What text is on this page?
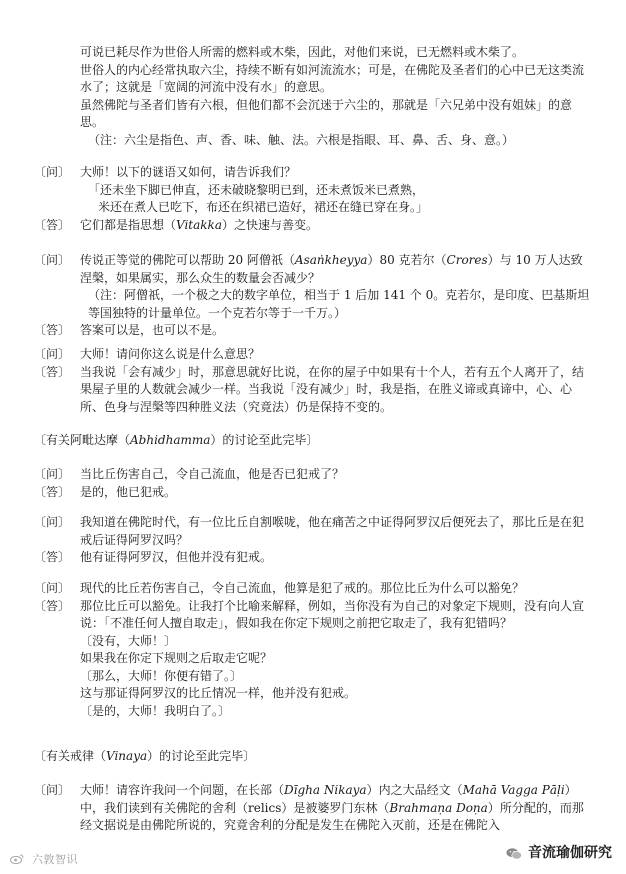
可说已耗尽作为世俗人所需的燃料或木柴，因此，对他们来说，已无燃料或木柴了。

世俗人的内心经常执取六尘，持续不断有如河流流水；可是，在佛陀及圣者们的心中已无这类流水了；这就是「宽阔的河流中没有水」的意思。

虽然佛陀与圣者们皆有六根，但他们都不会沉迷于六尘的，那就是「六兄弟中没有姐妹」的意思。

（注：六尘是指色、声、香、味、触、法。六根是指眼、耳、鼻、舌、身、意。）

〔问〕 大师！以下的谜语又如何，请告诉我们？
「还未坐下脚已伸直，还未破晓黎明已到，还未煮饭米已煮熟，
米还在煮人已吃下，布还在织裙已造好，裙还在缝已穿在身。」
〔答〕 它们都是指思想（Vitakka）之快速与善变。
〔问〕 传说正等觉的佛陀可以帮助 20 阿僧祇（Asaṅkheyya）80 克若尔（Crores）与 10 万人达致涅槃，如果属实，那么众生的数量会否减少？
（注：阿僧祇，一个极之大的数字单位，相当于 1 后加 141 个 0。克若尔，是印度、巴基斯坦等国独特的计量单位。一个克若尔等于一千万。）
〔答〕 答案可以是，也可以不是。
〔问〕 大师！请问你这么说是什么意思？
〔答〕 当我说「会有减少」时，那意思就好比说，在你的屋子中如果有十个人，若有五个人离开了，结果屋子里的人数就会减少一样。当我说「没有减少」时，我是指，在胜义谛或真谛中，心、心所、色身与涅槃等四种胜义法（究竟法）仍是保持不变的。

〔有关阿毗达摩（Abhidhamma）的讨论至此完毕〕

〔问〕 当比丘伤害自己，令自己流血，他是否已犯戒了？
〔答〕 是的，他已犯戒。
〔问〕 我知道在佛陀时代，有一位比丘自割喉咙，他在痛苦之中证得阿罗汉后便死去了，那比丘是在犯戒后证得阿罗汉吗？
〔答〕 他有证得阿罗汉，但他并没有犯戒。
〔问〕 现代的比丘若伤害自己，令自己流血，他算是犯了戒的。那位比丘为什么可以豁免？
〔答〕 那位比丘可以豁免。让我打个比喻来解释，例如，当你没有为自己的对象定下规则，没有向人宣说：「不准任何人擅自取走」，假如我在你定下规则之前把它取走了，我有犯错吗？
〔没有，大师！〕
如果我在你定下规则之后取走它呢？
〔那么，大师！你便有错了。〕
这与那证得阿罗汉的比丘情况一样，他并没有犯戒。
〔是的，大师！我明白了。〕

〔有关戒律（Vinaya）的讨论至此完毕〕

〔问〕 大师！请容许我问一个问题，在长部（Dīgha Nikaya）内之大品经文（Mahā Vagga Pāḷi）中，我们读到有关佛陀的舍利（relics）是被婆罗门东林（Brahmaṇa Doṇa）所分配的，而那经文据说是由佛陀所说的，究竟舍利的分配是发生在佛陀入灭前，还是在佛陀入
六敦智识	音流瑜伽研究
